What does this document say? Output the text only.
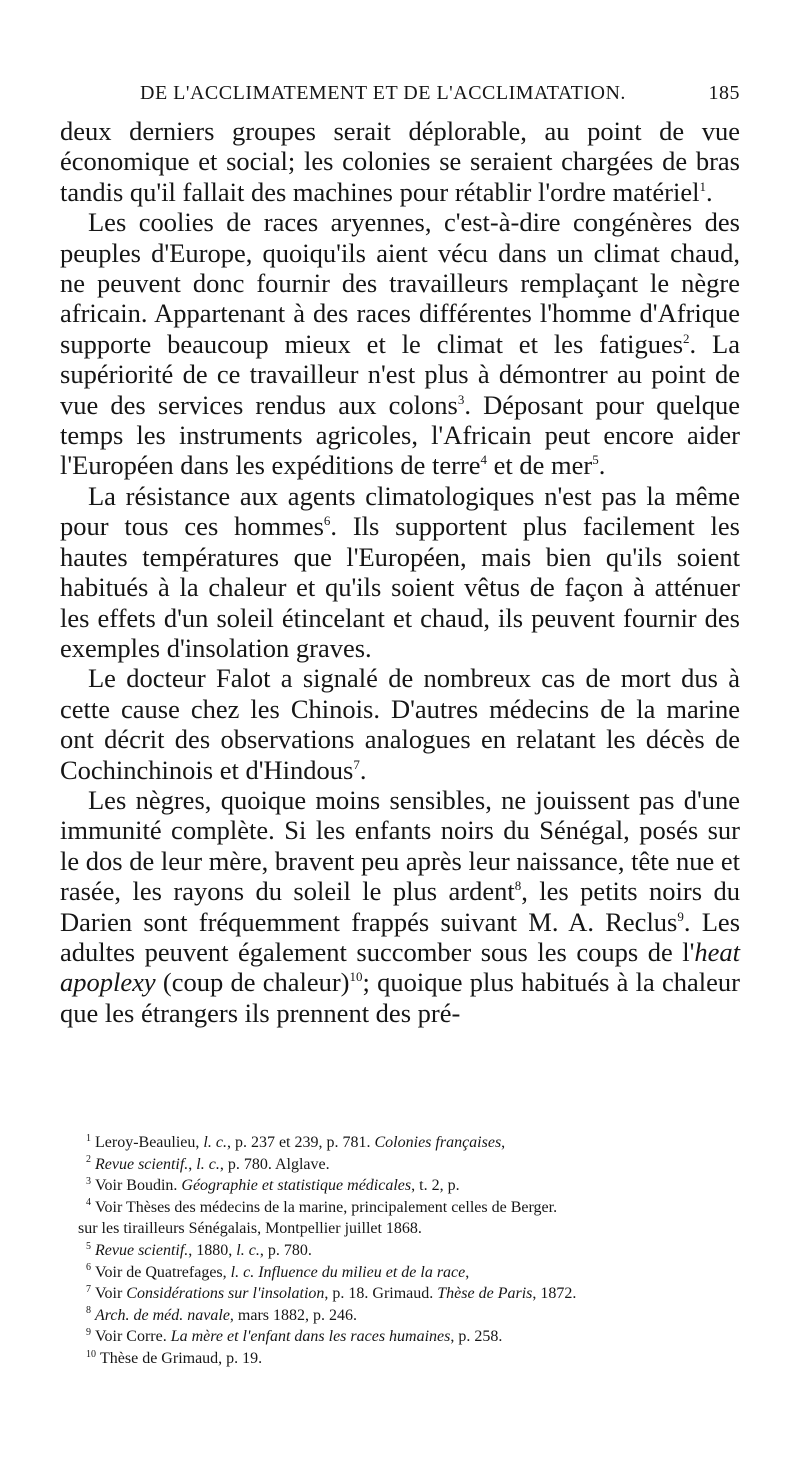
DE L'ACCLIMATEMENT ET DE L'ACCLIMATATION.	185

deux derniers groupes serait déplorable, au point de vue économique et social; les colonies se seraient chargées de bras tandis qu'il fallait des machines pour rétablir l'ordre matériel$^1$.

Les coolies de races aryennes, c'est-à-dire congénères des peuples d'Europe, quoiqu'ils aient vécu dans un climat chaud, ne peuvent donc fournir des travailleurs remplaçant le nègre africain. Appartenant à des races différentes l'homme d'Afrique supporte beaucoup mieux et le climat et les fatigues$^2$. La supériorité de ce travailleur n'est plus à démontrer au point de vue des services rendus aux colons$^3$. Déposant pour quelque temps les instruments agricoles, l'Africain peut encore aider l'Européen dans les expéditions de terre$^4$ et de mer$^5$.

La résistance aux agents climatologiques n'est pas la même pour tous ces hommes$^6$. Ils supportent plus facilement les hautes températures que l'Européen, mais bien qu'ils soient habitués à la chaleur et qu'ils soient vêtus de façon à atténuer les effets d'un soleil étincelant et chaud, ils peuvent fournir des exemples d'insolation graves.

Le docteur Falot a signalé de nombreux cas de mort dus à cette cause chez les Chinois. D'autres médecins de la marine ont décrit des observations analogues en relatant les décès de Cochinchinois et d'Hindous$^7$.

Les nègres, quoique moins sensibles, ne jouissent pas d'une immunité complète. Si les enfants noirs du Sénégal, posés sur le dos de leur mère, bravent peu après leur naissance, tête nue et rasée, les rayons du soleil le plus ardent$^8$, les petits noirs du Darien sont fréquemment frappés suivant M. A. Reclus$^9$. Les adultes peuvent également succomber sous les coups de l'heat apoplexy (coup de chaleur)$^{10}$; quoique plus habitués à la chaleur que les étrangers ils prennent des pré-

$^1$ Leroy-Beaulieu, l. c., p. 237 et 239, p. 781. Colonies françaises,

$^2$ Revue scientif., l. c., p. 780. Alglave.

$^3$ Voir Boudin. Géographie et statistique médicales, t. 2, p.

$^4$ Voir Thèses des médecins de la marine, principalement celles de Berger.

sur les tirailleurs Sénégalais, Montpellier juillet 1868.

$^5$ Revue scientif., 1880, l. c., p. 780.

$^6$ Voir de Quatrefages, l. c. Influence du milieu et de la race,

$^7$ Voir Considérations sur l'insolation, p. 18. Grimaud. Thèse de Paris, 1872.

$^8$ Arch. de méd. navale, mars 1882, p. 246.

$^9$ Voir Corre. La mère et l'enfant dans les races humaines, p. 258.

$^{10}$ Thèse de Grimaud, p. 19.
